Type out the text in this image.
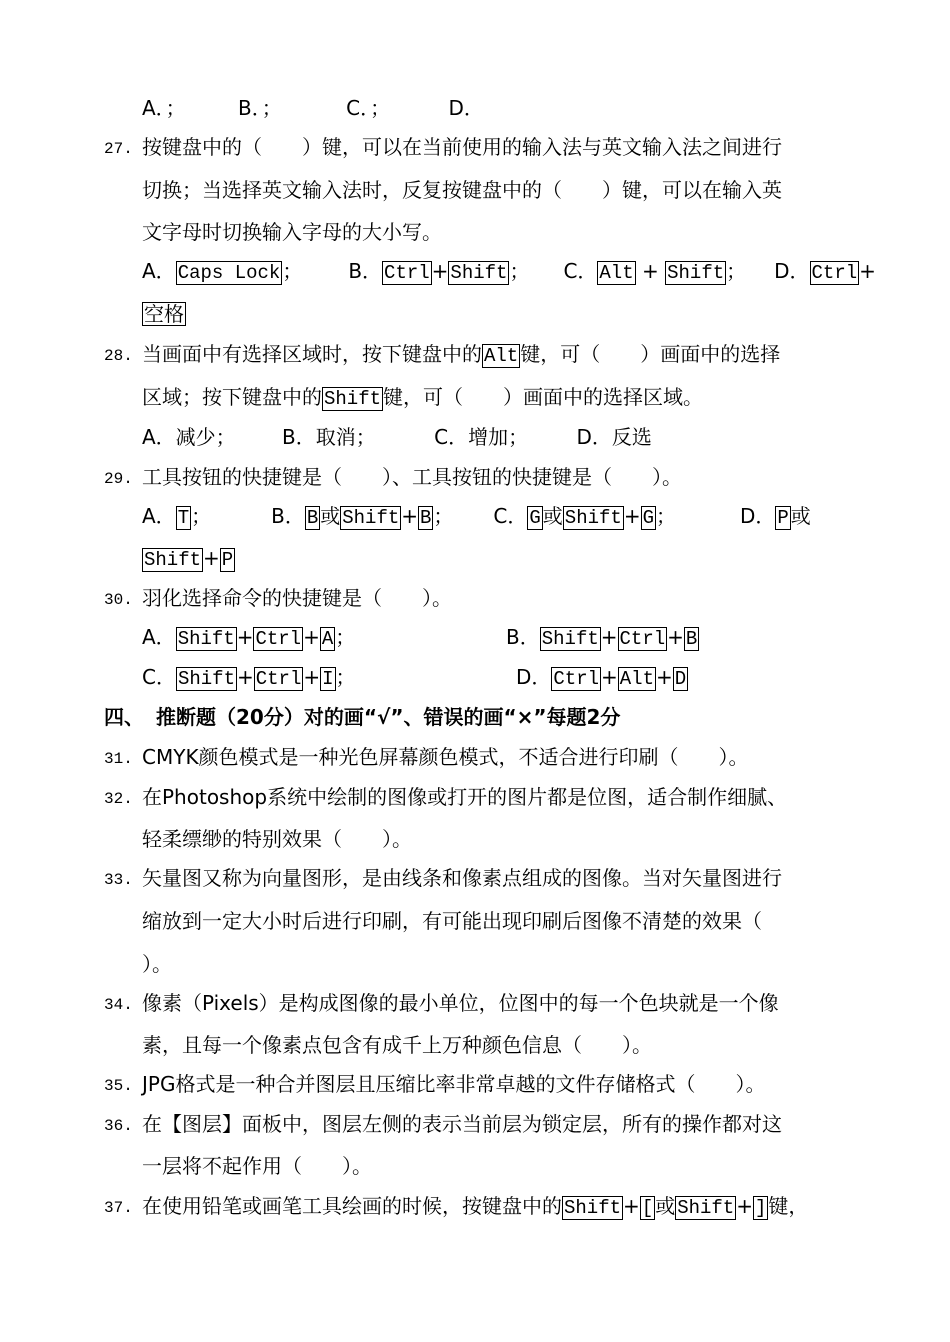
A．；	B．；	C．；	D．
27. 按键盘中的（　　）键，可以在当前使用的输入法与英文输入法之间进行
切换；当选择英文输入法时，反复按键盘中的（　　）键，可以在输入英
文字母时切换输入字母的大小写。
A． Caps Lock； B． Ctrl + Shift ； C． Alt + Shift ； D． Ctrl +
空格
28. 当画面中有选择区域时，按下键盘中的 Alt 键，可（　　）画面中的选择
区域；按下键盘中的 Shift 键，可（　　）画面中的选择区域。
A．减少； B．取消；	C．增加； D．反选
29. 工具按钮的快捷键是（　　）、工具按钮的快捷键是（　　）。
A． T ；	B． B 或 Shift + B ； C． G 或 Shift + G ；	D． P 或
Shift + P
30. 羽化选择命令的快捷键是（　　）。
A． Shift + Ctrl + A ；	B． Shift + Ctrl + B
C． Shift + Ctrl + I ；	D． Ctrl + Alt +D
四、 推断题（20分）对的画“√”、错误的画“×”每题2分
31. CMYK颜色模式是一种光色屏幕颜色模式，不适合进行印刷（　　）。
32. 在Photoshop系统中绘制的图像或打开的图片都是位图，适合制作细腻、
轻柔缥缈的特别效果（　　）。
33. 矢量图又称为向量图形，是由线条和像素点组成的图像。当对矢量图进行
缩放到一定大小时后进行印刷，有可能出现印刷后图像不清楚的效果（
）。
34. 像素（Pixels）是构成图像的最小单位，位图中的每一个色块就是一个像
素，且每一个像素点包含有成千上万种颜色信息（　　）。
35. JPG格式是一种合并图层且压缩比率非常卓越的文件存储格式（　　）。
36. 在【图层】面板中，图层左侧的表示当前层为锁定层，所有的操作都对这
一层将不起作用（　　）。
37. 在使用铅笔或画笔工具绘画的时候，按键盘中的 Shift + [ 或 Shift + ] 键，
